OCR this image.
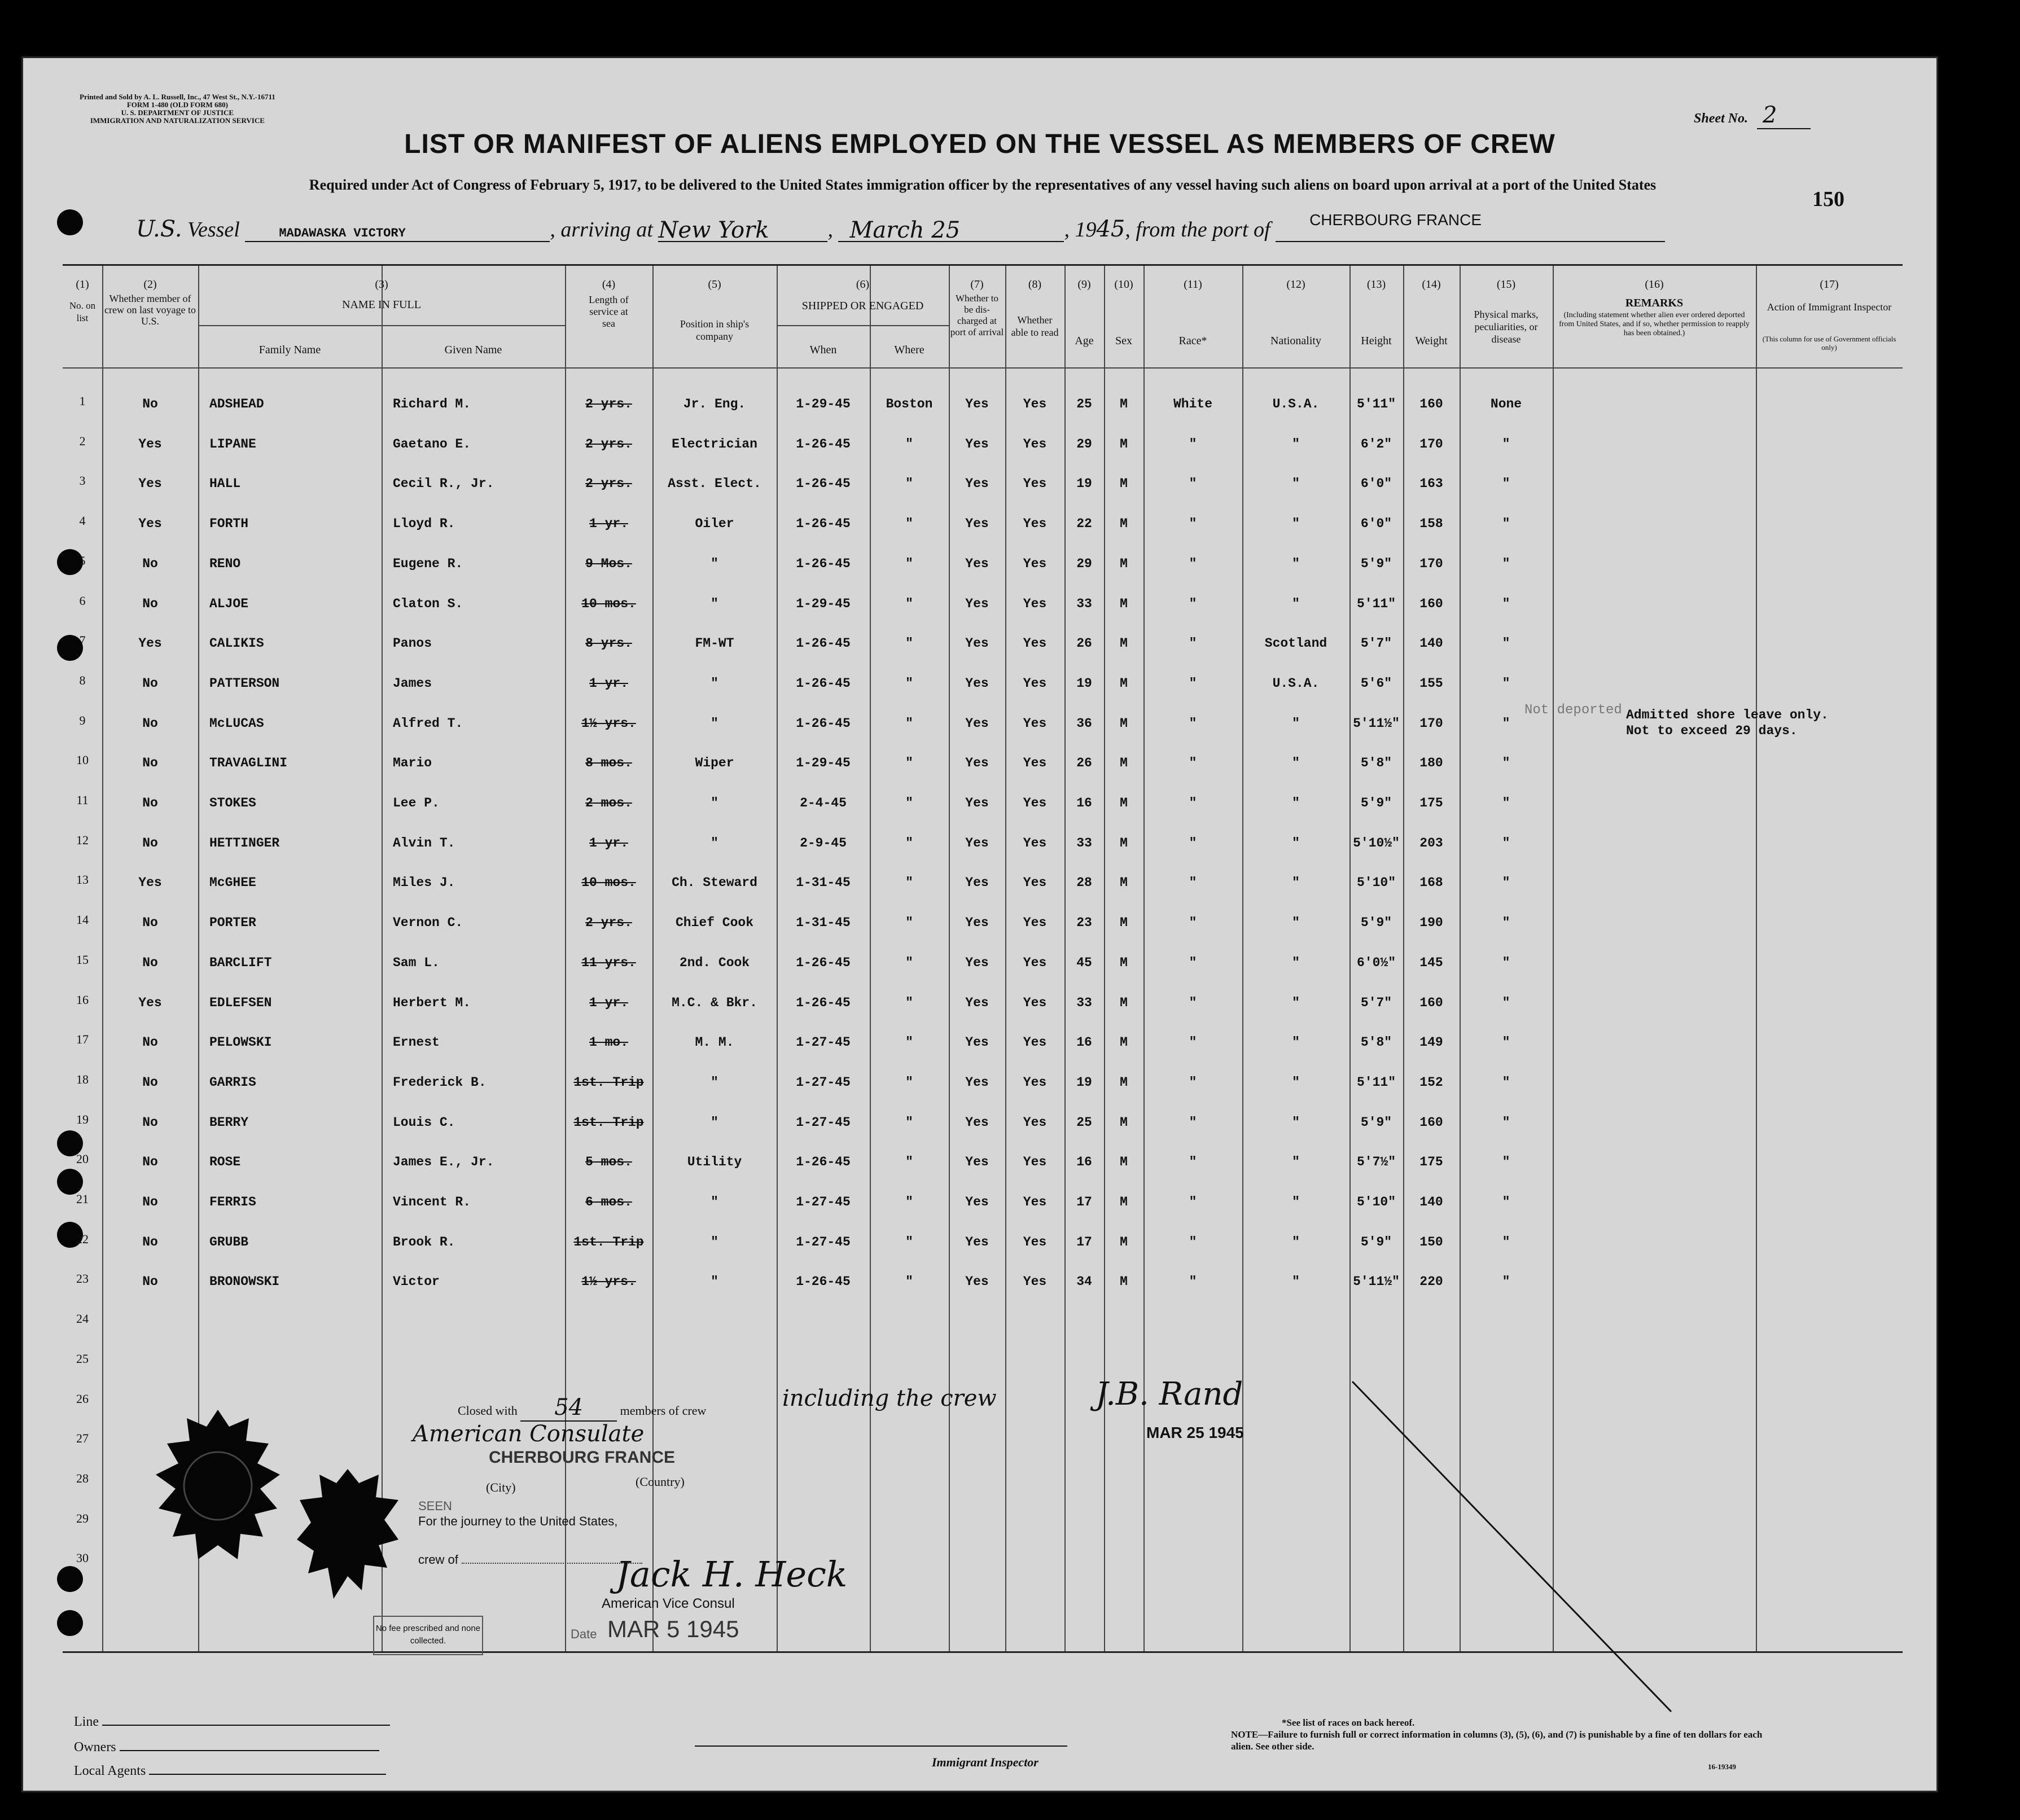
Printed and Sold by A. L. Russell, Inc., 47 West St., N.Y.-16711
FORM 1-480 (OLD FORM 680)
U. S. DEPARTMENT OF JUSTICE
IMMIGRATION AND NATURALIZATION SERVICE	Sheet No. 2
LIST OR MANIFEST OF ALIENS EMPLOYED ON THE VESSEL AS MEMBERS OF CREW
Required under Act of Congress of February 5, 1917, to be delivered to the United States immigration officer by the representatives of any vessel having such aliens on board upon arrival at a port of the United States
150
U.S. Vessel	MADAWASKA VICTORY	, arriving at New York	, March 25	, 1945, from the port of $^{CHERBOURG FRANCE}$
(1)	(2)	(3)	(4)	(5)	(6)	(7)	(8)	(9)	(10)	(11)	(12)	(13)	(14)	(15)	(16)	(17)
No. on list
Whether member of crew on last voyage to U.S.
NAME IN FULL
Family Name	Given Name
Length of service at sea	Position in ship's company
SHIPPED OR ENGAGED
When	Where
Whether to be dis-charged at port of arrival
Whether able to read
Age	Sex	Race*	Nationality	Height	Weight
Physical marks, peculiarities, or disease
REMARKS
(Including statement whether alien ever ordered deported from United States, and if so, whether permission to reapply has been obtained.)
Action of Immigrant Inspector
(This column for use of Government officials only)
1	No	ADSHEAD	Richard M.	2 yrs.	Jr. Eng.	1-29-45	Boston	Yes	Yes	25	M	White	U.S.A.	5'11"	160	None
2	Yes	LIPANE	Gaetano E.	2 yrs.	Electrician	1-26-45	"	Yes	Yes	29	M	"	"	6'2"	170	"
3	Yes	HALL	Cecil R., Jr.	2 yrs.	Asst. Elect.	1-26-45	"	Yes	Yes	19	M	"	"	6'0"	163	"
4	Yes	FORTH	Lloyd R.	1 yr.	Oiler	1-26-45	"	Yes	Yes	22	M	"	"	6'0"	158	"
5	No	RENO	Eugene R.	9 Mos.	"	1-26-45	"	Yes	Yes	29	M	"	"	5'9"	170	"
6	No	ALJOE	Claton S.	10 mos.	"	1-29-45	"	Yes	Yes	33	M	"	"	5'11"	160	"
7	Yes	CALIKIS	Panos	8 yrs.	FM-WT	1-26-45	"	Yes	Yes	26	M	"	Scotland	5'7"	140	"
8	No	PATTERSON	James	1 yr.	"	1-26-45	"	Yes	Yes	19	M	"	U.S.A.	5'6"	155	"
9	No	McLUCAS	Alfred T.	1½ yrs.	"	1-26-45	"	Yes	Yes	36	M	"	"	5'11½"	170	"
10	No	TRAVAGLINI	Mario	8 mos.	Wiper	1-29-45	"	Yes	Yes	26	M	"	"	5'8"	180	"
11	No	STOKES	Lee P.	2 mos.	"	2-4-45	"	Yes	Yes	16	M	"	"	5'9"	175	"
12	No	HETTINGER	Alvin T.	1 yr.	"	2-9-45	"	Yes	Yes	33	M	"	"	5'10½"	203	"
13	Yes	McGHEE	Miles J.	10 mos.	Ch. Steward	1-31-45	"	Yes	Yes	28	M	"	"	5'10"	168	"
14	No	PORTER	Vernon C.	2 yrs.	Chief Cook	1-31-45	"	Yes	Yes	23	M	"	"	5'9"	190	"
15	No	BARCLIFT	Sam L.	11 yrs.	2nd. Cook	1-26-45	"	Yes	Yes	45	M	"	"	6'0½"	145	"
16	Yes	EDLEFSEN	Herbert M.	1 yr.	M.C. & Bkr.	1-26-45	"	Yes	Yes	33	M	"	"	5'7"	160	"
17	No	PELOWSKI	Ernest	1 mo.	M. M.	1-27-45	"	Yes	Yes	16	M	"	"	5'8"	149	"
18	No	GARRIS	Frederick B.	1st. Trip	"	1-27-45	"	Yes	Yes	19	M	"	"	5'11"	152	"
19	No	BERRY	Louis C.	1st. Trip	"	1-27-45	"	Yes	Yes	25	M	"	"	5'9"	160	"
20	No	ROSE	James E., Jr.	5 mos.	Utility	1-26-45	"	Yes	Yes	16	M	"	"	5'7½"	175	"
21	No	FERRIS	Vincent R.	6 mos.	"	1-27-45	"	Yes	Yes	17	M	"	"	5'10"	140	"
22	No	GRUBB	Brook R.	1st. Trip	"	1-27-45	"	Yes	Yes	17	M	"	"	5'9"	150	"
23	No	BRONOWSKI	Victor	1½ yrs.	"	1-26-45	"	Yes	Yes	34	M	"	"	5'11½"	220	"
24
25
26
27
28
29
30
Not deported Admitted shore leave only.
Not to exceed 29 days.
Closed with 54	members of crew	including the crew	J.B. Rand
MAR 25 1945
American Consulate
CHERBOURG FRANCE
(City)	(Country)
SEEN
For the journey to the United States,
crew of	Jack H. Heck
American Vice Consul
Date MAR 5 1945
No fee prescribed and none collected.
Line
Owners
Local Agents
Immigrant Inspector
*See list of races on back hereof.
NOTE—Failure to furnish full or correct information in columns (3), (5), (6), and (7) is punishable by a fine of ten dollars for each alien. See other side.
16-19349
